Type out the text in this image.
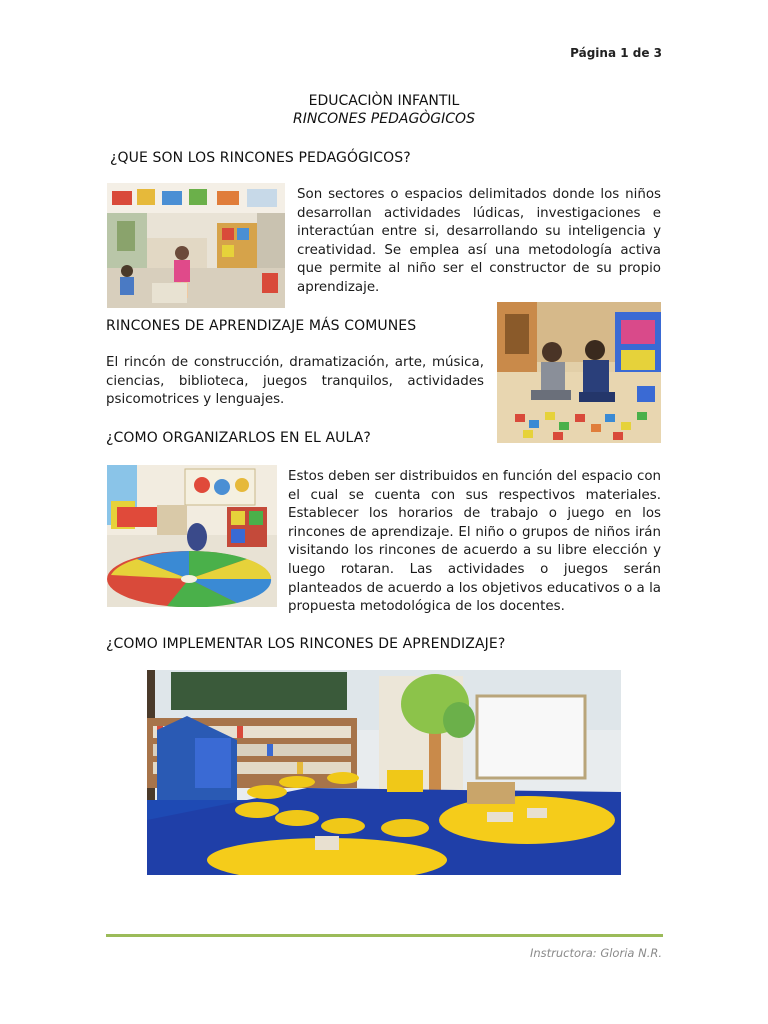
Página 1 de 3
EDUCACIÒN INFANTIL
RINCONES PEDAGÒGICOS
¿QUE SON LOS RINCONES PEDAGÓGICOS?
Son sectores o espacios delimitados donde los niños desarrollan actividades lúdicas, investigaciones e interactúan entre si, desarrollando su inteligencia y creatividad. Se emplea así una metodología activa que permite al niño ser el constructor de su propio aprendizaje.
RINCONES DE APRENDIZAJE MÁS COMUNES
El rincón de construcción, dramatización, arte, música, ciencias, biblioteca, juegos tranquilos, actividades psicomotrices y lenguajes.
¿COMO ORGANIZARLOS EN EL AULA?
Estos deben ser distribuidos en función del espacio con el cual se cuenta con sus respectivos materiales. Establecer los horarios de trabajo o juego en los rincones de aprendizaje. El niño o grupos de niños irán visitando los rincones de acuerdo a su libre elección y luego rotaran. Las actividades o juegos serán planteados de acuerdo a los objetivos educativos o a la propuesta metodológica de los docentes.
¿COMO IMPLEMENTAR LOS RINCONES DE APRENDIZAJE?
Instructora: Gloria N.R.
